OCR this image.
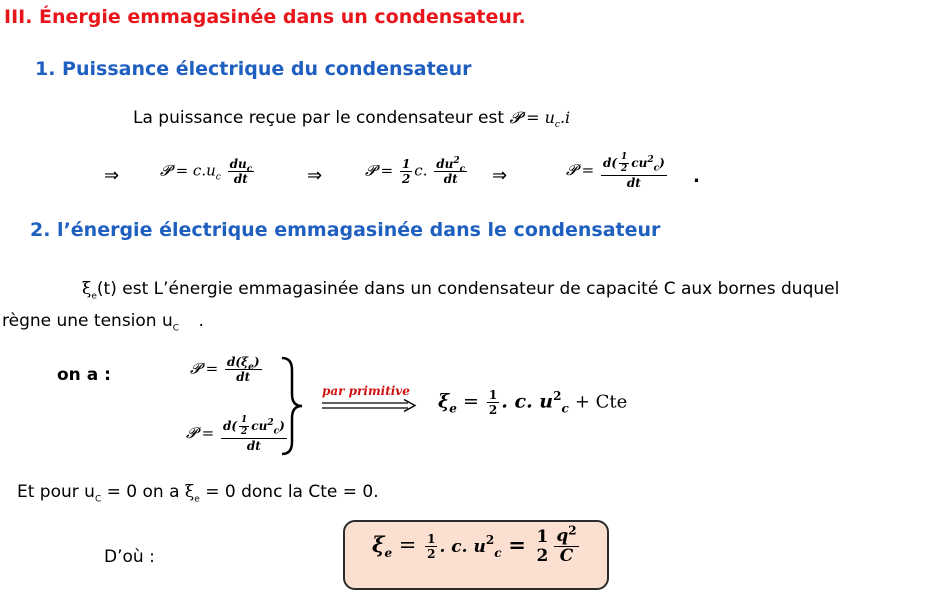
III. Énergie emmagasinée dans un condensateur.
1. Puissance électrique du condensateur
La puissance reçue par le condensateur est 𝓟 = $u_c.i$
⇒	𝓟 = $c.u_c \frac{du_c}{dt}$	⇒	𝓟 = $\frac{1}{2} c$. $\frac{du^2_c}{dt}$ ⇒	𝓟 = $\frac{d( \frac{1}{2} cu^2_c)}{dt}$ .
2. l’énergie électrique emmagasinée dans le condensateur
$\xi_e(t)$ est L’énergie emmagasinée dans un condensateur de capacité C aux bornes duquel
règne une tension $u_C$ .
on a :	𝓟 = $\frac{d(\xi_e)}{dt}$
𝓟 = $\frac{d( \frac{1}{2} cu^2_c)}{dt}$
par primitive $\xi_e = \frac{1}{2}$ . c. $u^2_c$ + Cte
Et pour $u_C = 0$ on a $\xi_e = 0$ donc la Cte = 0.
D’où :	$\xi_e = \frac{1}{2}$ . c. $u^2_c = 1$
$2 \frac{q^2}{C}$
